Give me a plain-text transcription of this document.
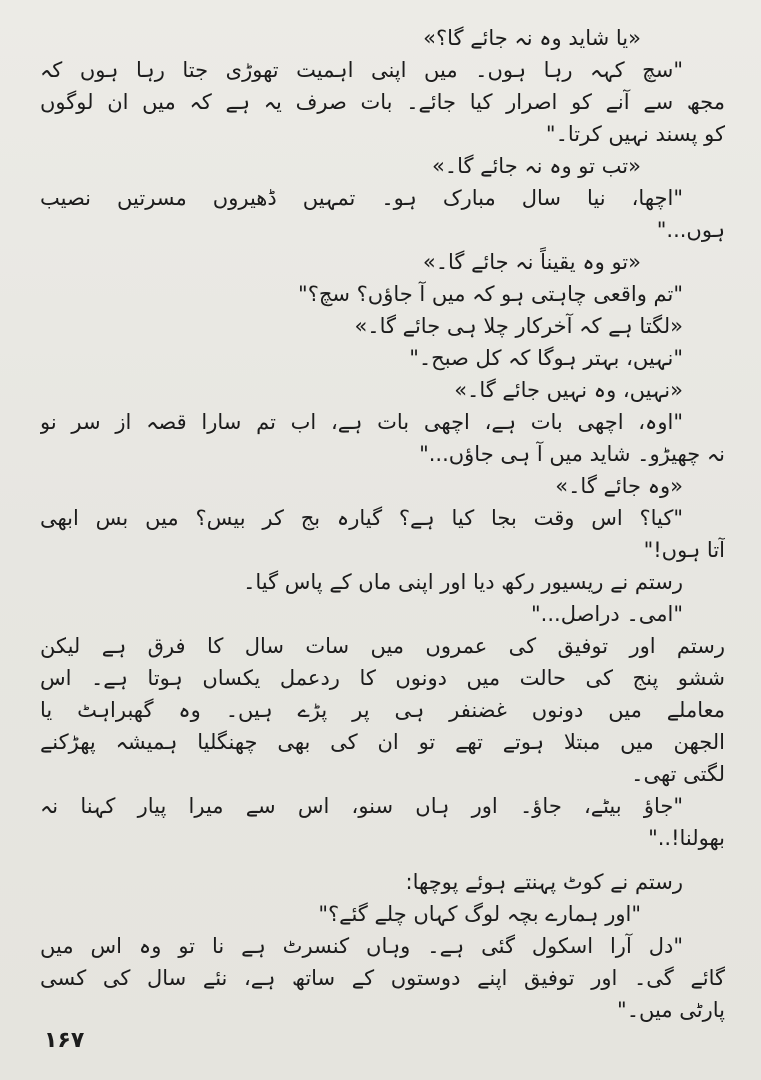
«یا شاید وہ نہ جائے گا؟»
"سچ کہہ رہا ہوں۔ میں اپنی اہمیت تھوڑی جتا رہا ہوں کہ
مجھ سے آنے کو اصرار کیا جائے۔ بات صرف یہ ہے کہ میں ان لوگوں
کو پسند نہیں کرتا۔"
«تب تو وہ نہ جائے گا۔»
"اچھا، نیا سال مبارک ہو۔ تمہیں ڈھیروں مسرتیں نصیب
ہوں..."
«تو وہ یقیناً نہ جائے گا۔»
"تم واقعی چاہتی ہو کہ میں آ جاؤں؟ سچ؟"
«لگتا ہے کہ آخرکار چلا ہی جائے گا۔»
"نہیں، بہتر ہوگا کہ کل صبح۔"
«نہیں، وہ نہیں جائے گا۔»
"اوہ، اچھی بات ہے، اچھی بات ہے، اب تم سارا قصہ از سر نو
نہ چھیڑو۔ شاید میں آ ہی جاؤں..."
«وہ جائے گا۔»
"کیا؟ اس وقت بجا کیا ہے؟ گیارہ بج کر بیس؟ میں بس ابھی
آتا ہوں!"
رستم نے ریسیور رکھ دیا اور اپنی ماں کے پاس گیا۔
"امی۔ دراصل..."
رستم اور توفیق کی عمروں میں سات سال کا فرق ہے لیکن
ششو پنج کی حالت میں دونوں کا ردعمل یکساں ہوتا ہے۔ اس
معاملے میں دونوں غضنفر ہی پر پڑے ہیں۔ وہ گھبراہٹ یا
الجھن میں مبتلا ہوتے تھے تو ان کی بھی چھنگلیا ہمیشہ پھڑکنے
لگتی تھی۔
"جاؤ بیٹے، جاؤ۔ اور ہاں سنو، اس سے میرا پیار کہنا نہ
بھولنا!.."
رستم نے کوٹ پہنتے ہوئے پوچھا:
"اور ہمارے بچہ لوگ کہاں چلے گئے؟"
"دل آرا اسکول گئی ہے۔ وہاں کنسرٹ ہے نا تو وہ اس میں
گائے گی۔ اور توفیق اپنے دوستوں کے ساتھ ہے، نئے سال کی کسی
پارٹی میں۔"
۱۶۷
